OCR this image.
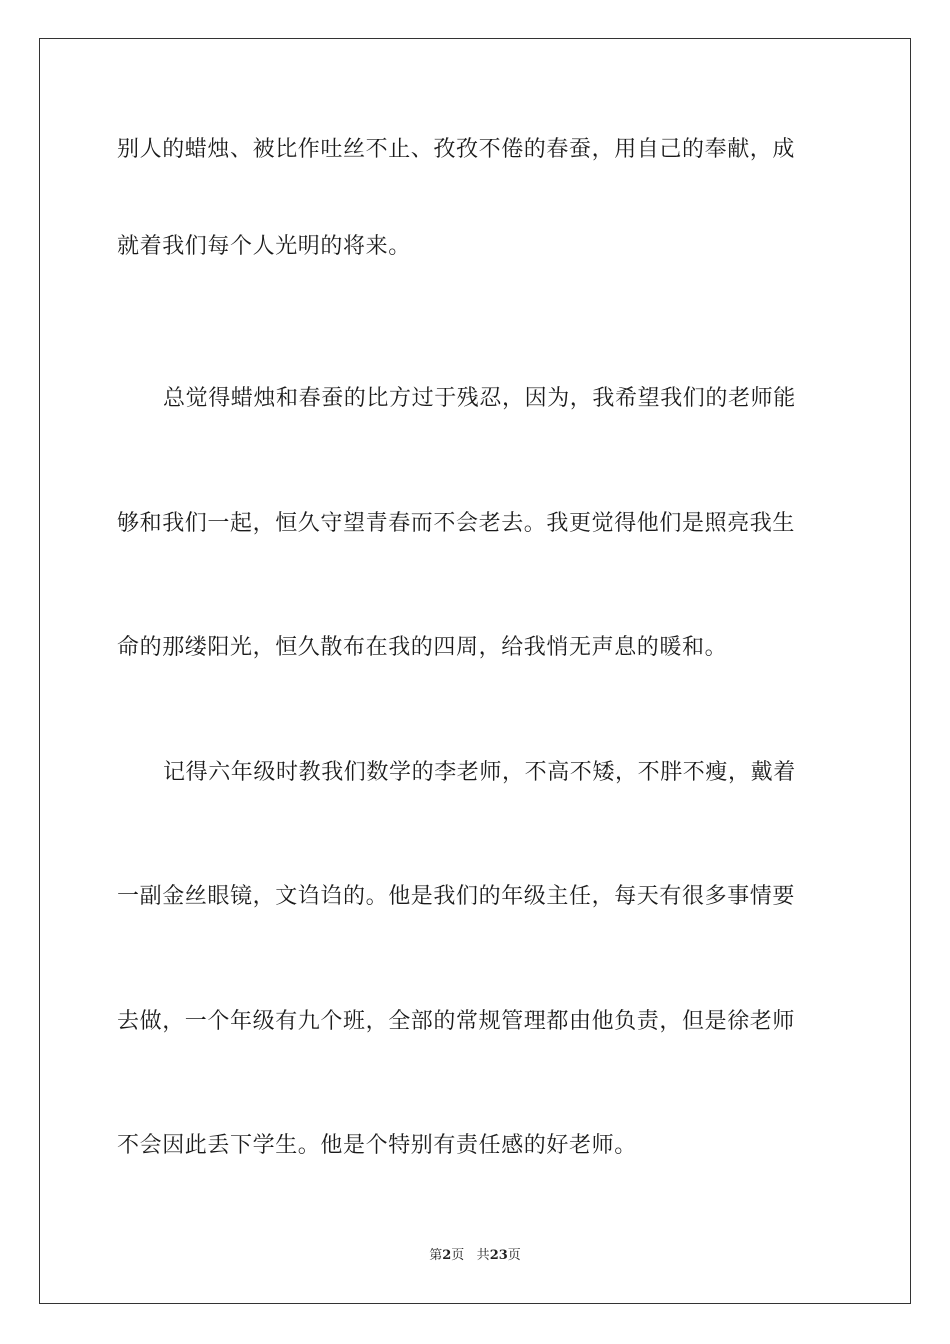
别人的蜡烛、被比作吐丝不止、孜孜不倦的春蚕，用自己的奉献，成
就着我们每个人光明的将来。
总觉得蜡烛和春蚕的比方过于残忍，因为，我希望我们的老师能
够和我们一起，恒久守望青春而不会老去。我更觉得他们是照亮我生
命的那缕阳光，恒久散布在我的四周，给我悄无声息的暖和。
记得六年级时教我们数学的李老师，不高不矮，不胖不瘦，戴着
一副金丝眼镜，文诌诌的。他是我们的年级主任，每天有很多事情要
去做，一个年级有九个班，全部的常规管理都由他负责，但是徐老师
不会因此丢下学生。他是个特别有责任感的好老师。
第2页 共23页
